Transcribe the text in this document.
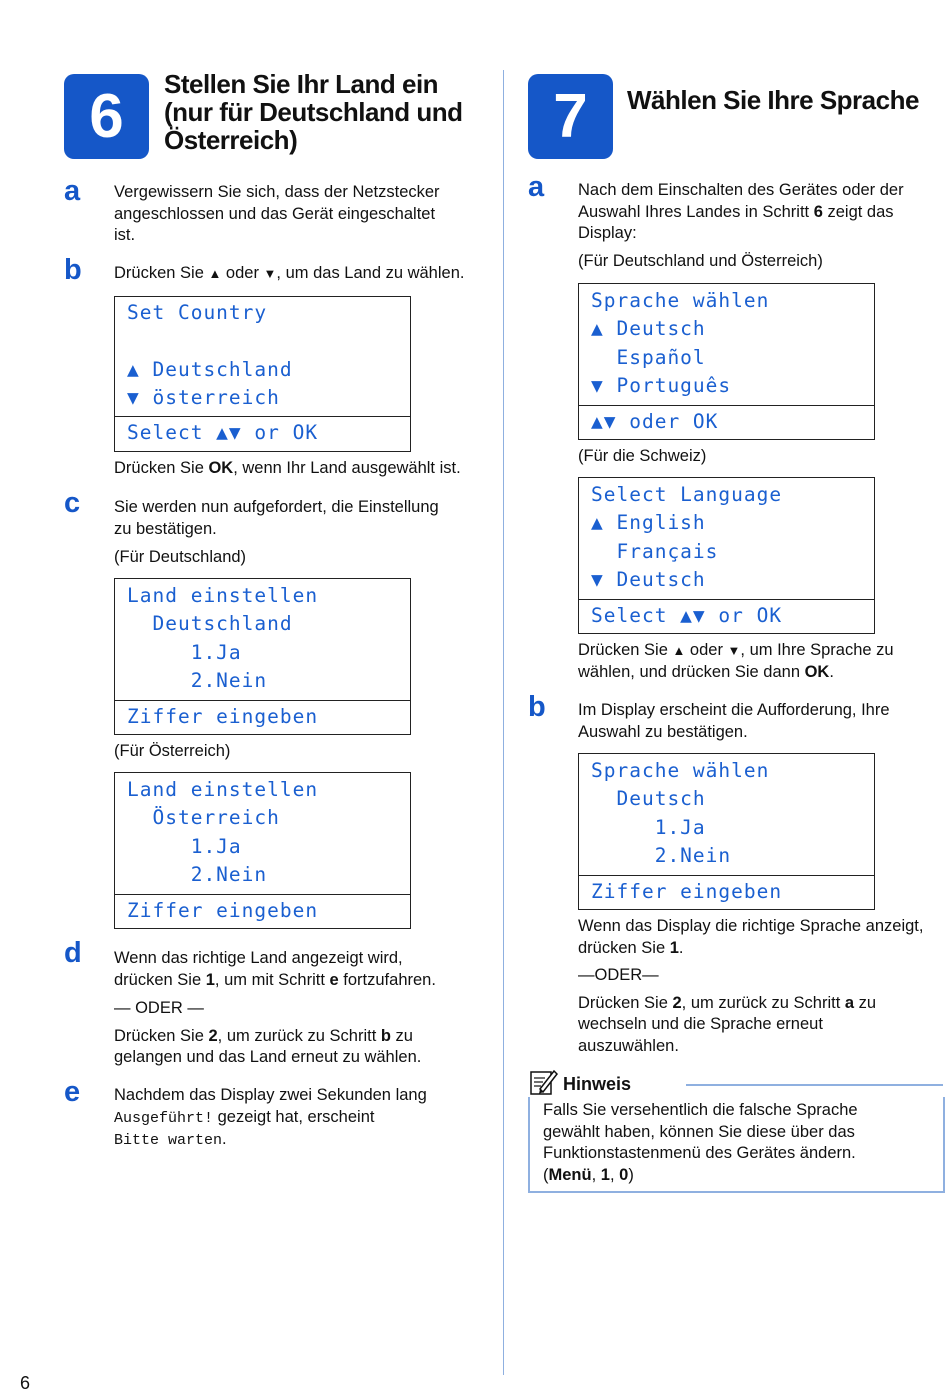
6 Stellen Sie Ihr Land ein
(nur für Deutschland und
Österreich)
a Vergewissern Sie sich, dass der Netzstecker
angeschlossen und das Gerät eingeschaltet
ist.
b Drücken Sie ▲ oder ▼, um das Land zu wählen.
Set Country
▲ Deutschland
▼ österreich
Select ▲▼ or OK
Drücken Sie OK, wenn Ihr Land ausgewählt ist.
c Sie werden nun aufgefordert, die Einstellung
zu bestätigen.
(Für Deutschland)
Land einstellen
Deutschland
1.Ja
2.Nein
Ziffer eingeben
(Für Österreich)
Land einstellen
Österreich
1.Ja
2.Nein
Ziffer eingeben
d Wenn das richtige Land angezeigt wird,
drücken Sie 1, um mit Schritt e fortzufahren.
— ODER —
Drücken Sie 2, um zurück zu Schritt b zu
gelangen und das Land erneut zu wählen.
e Nachdem das Display zwei Sekunden lang
Ausgeführt! gezeigt hat, erscheint
Bitte warten.
7 Wählen Sie Ihre Sprache
a Nach dem Einschalten des Gerätes oder der
Auswahl Ihres Landes in Schritt 6 zeigt das
Display:
(Für Deutschland und Österreich)
Sprache wählen
▲ Deutsch
Español
▼ Português
▲▼ oder OK
(Für die Schweiz)
Select Language
▲ English
Français
▼ Deutsch
Select ▲▼ or OK
Drücken Sie ▲ oder ▼, um Ihre Sprache zu
wählen, und drücken Sie dann OK.
b Im Display erscheint die Aufforderung, Ihre
Auswahl zu bestätigen.
Sprache wählen
Deutsch
1.Ja
2.Nein
Ziffer eingeben
Wenn das Display die richtige Sprache anzeigt,
drücken Sie 1.
—ODER—
Drücken Sie 2, um zurück zu Schritt a zu
wechseln und die Sprache erneut
auszuwählen.
Hinweis
Falls Sie versehentlich die falsche Sprache
gewählt haben, können Sie diese über das
Funktionstastenmenü des Gerätes ändern.
(Menü, 1, 0)
6
